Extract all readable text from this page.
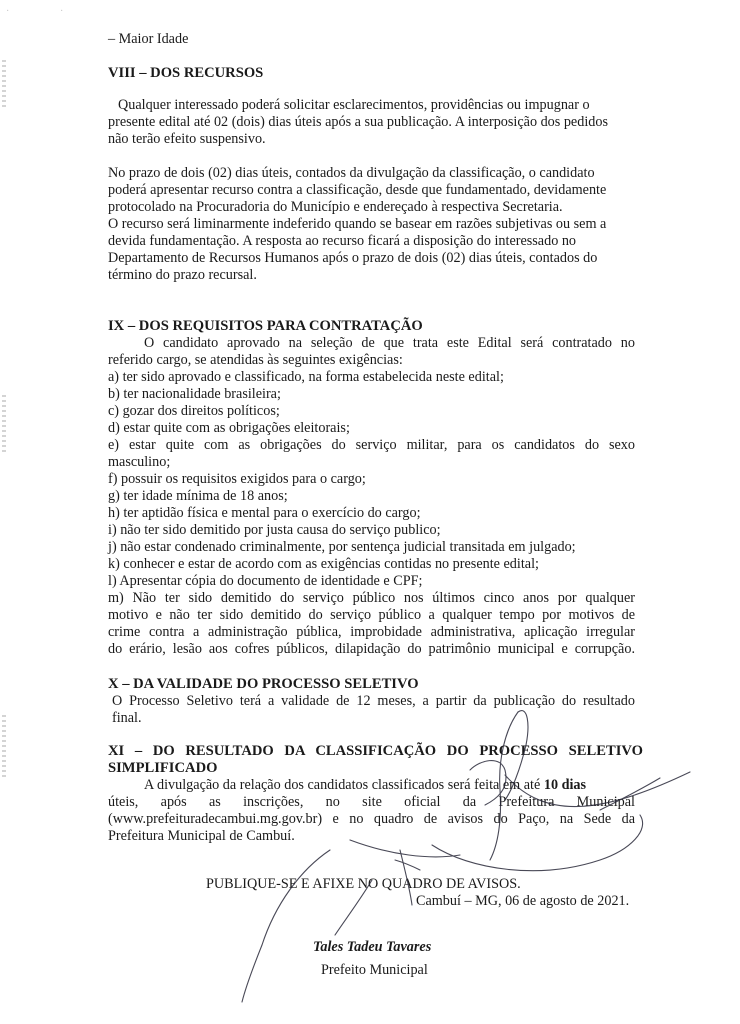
·	·
– Maior Idade
VIII – DOS RECURSOS
Qualquer interessado poderá solicitar esclarecimentos, providências ou impugnar o
presente edital até 02 (dois) dias úteis após a sua publicação. A interposição dos pedidos
não terão efeito suspensivo.
No prazo de dois (02) dias úteis, contados da divulgação da classificação, o candidato
poderá apresentar recurso contra a classificação, desde que fundamentado, devidamente
protocolado na Procuradoria do Município e endereçado à respectiva Secretaria.
O recurso será liminarmente indeferido quando se basear em razões subjetivas ou sem a
devida fundamentação. A resposta ao recurso ficará a disposição do interessado no
Departamento de Recursos Humanos após o prazo de dois (02) dias úteis, contados do
término do prazo recursal.
IX – DOS REQUISITOS PARA CONTRATAÇÃO
O candidato aprovado na seleção de que trata este Edital será contratado no
referido cargo, se atendidas às seguintes exigências:
a) ter sido aprovado e classificado, na forma estabelecida neste edital;
b) ter nacionalidade brasileira;
c) gozar dos direitos políticos;
d) estar quite com as obrigações eleitorais;
e) estar quite com as obrigações do serviço militar, para os candidatos do sexo
masculino;
f) possuir os requisitos exigidos para o cargo;
g) ter idade mínima de 18 anos;
h) ter aptidão física e mental para o exercício do cargo;
i) não ter sido demitido por justa causa do serviço publico;
j) não estar condenado criminalmente, por sentença judicial transitada em julgado;
k) conhecer e estar de acordo com as exigências contidas no presente edital;
l) Apresentar cópia do documento de identidade e CPF;
m) Não ter sido demitido do serviço público nos últimos cinco anos por qualquer
motivo e não ter sido demitido do serviço público a qualquer tempo por motivos de
crime contra a administração pública, improbidade administrativa, aplicação irregular
do erário, lesão aos cofres públicos, dilapidação do patrimônio municipal e corrupção.
X – DA VALIDADE DO PROCESSO SELETIVO
O Processo Seletivo terá a validade de 12 meses, a partir da publicação do resultado
final.
XI – DO RESULTADO DA CLASSIFICAÇÃO DO PROCESSO SELETIVO
SIMPLIFICADO
A divulgação da relação dos candidatos classificados será feita em até 10 dias
úteis, após as inscrições, no site oficial da Prefeitura Municipal
(www.prefeituradecambui.mg.gov.br) e no quadro de avisos do Paço, na Sede da
Prefeitura Municipal de Cambuí.
PUBLIQUE-SE E AFIXE NO QUADRO DE AVISOS.
Cambuí – MG, 06 de agosto de 2021.
Tales Tadeu Tavares
Prefeito Municipal
